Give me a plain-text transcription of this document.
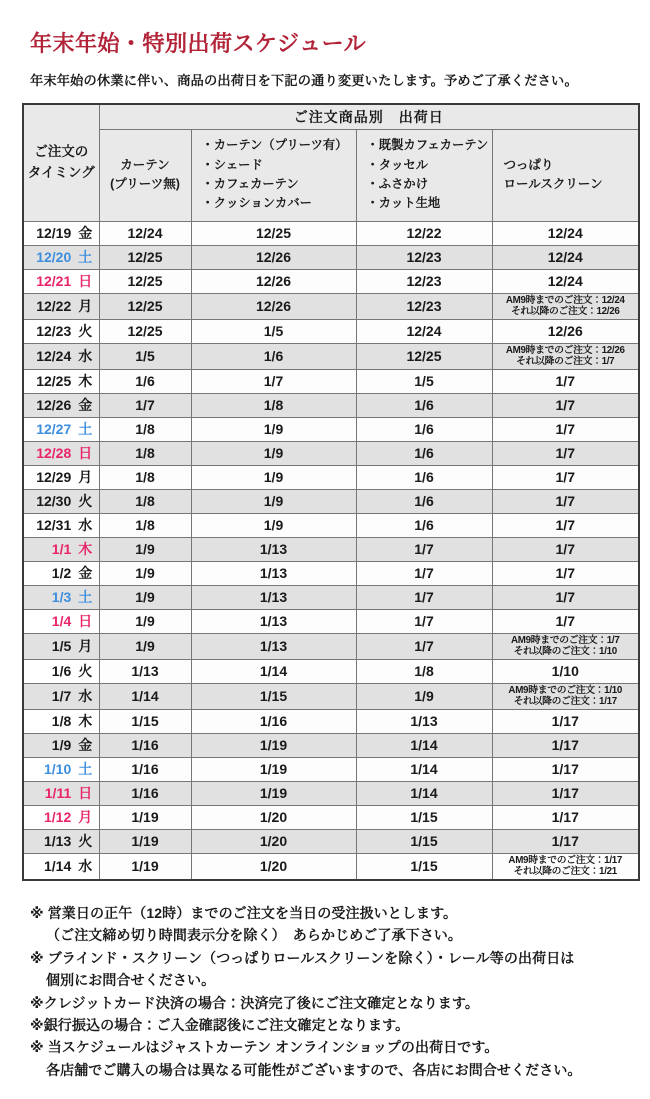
年末年始・特別出荷スケジュール

年末年始の休業に伴い、商品の出荷日を下記の通り変更いたします。予めご了承ください。

ご注文の
タイミング	ご注文商品別　出荷日			

カーテン
(プリーツ無)

・カーテン（プリーツ有）
・シェード
・カフェカーテン
・クッションカバー

・既製カフェカーテン
・タッセル
・ふさかけ
・カット生地

つっぱり
ロールスクリーン

12/19 金	12/24	12/25	12/22	12/24

12/20 土	12/25	12/26	12/23	12/24

12/21 日	12/25	12/26	12/23	12/24

12/22 月	12/25	12/26	12/23	AM9時までのご注文：12/24
それ以降のご注文：12/26

12/23 火	12/25	1/5	12/24	12/26

12/24 水	1/5	1/6	12/25	AM9時までのご注文：12/26
それ以降のご注文：1/7

12/25 木	1/6	1/7	1/5	1/7

12/26 金	1/7	1/8	1/6	1/7

12/27 土	1/8	1/9	1/6	1/7

12/28 日	1/8	1/9	1/6	1/7

12/29 月	1/8	1/9	1/6	1/7

12/30 火	1/8	1/9	1/6	1/7

12/31 水	1/8	1/9	1/6	1/7

1/1 木	1/9	1/13	1/7	1/7

1/2 金	1/9	1/13	1/7	1/7

1/3 土	1/9	1/13	1/7	1/7

1/4 日	1/9	1/13	1/7	1/7

1/5 月	1/9	1/13	1/7	AM9時までのご注文：1/7
それ以降のご注文：1/10

1/6 火	1/13	1/14	1/8	1/10

1/7 水	1/14	1/15	1/9	AM9時までのご注文：1/10
それ以降のご注文：1/17

1/8 木	1/15	1/16	1/13	1/17

1/9 金	1/16	1/19	1/14	1/17

1/10 土	1/16	1/19	1/14	1/17

1/11 日	1/16	1/19	1/14	1/17

1/12 月	1/19	1/20	1/15	1/17

1/13 火	1/19	1/20	1/15	1/17

1/14 水	1/19	1/20	1/15	AM9時までのご注文：1/17
それ以降のご注文：1/21
※ 営業日の正午（12時）までのご注文を当日の受注扱いとします。
（ご注文締め切り時間表示分を除く）　あらかじめご了承下さい。
※ ブラインド・スクリーン（つっぱりロールスクリーンを除く）・レール等の出荷日は
個別にお問合せください。
※クレジットカード決済の場合：決済完了後にご注文確定となります。
※銀行振込の場合：ご入金確認後にご注文確定となります。
※ 当スケジュールはジャストカーテン オンラインショップの出荷日です。
各店舗でご購入の場合は異なる可能性がございますので、各店にお問合せください。
